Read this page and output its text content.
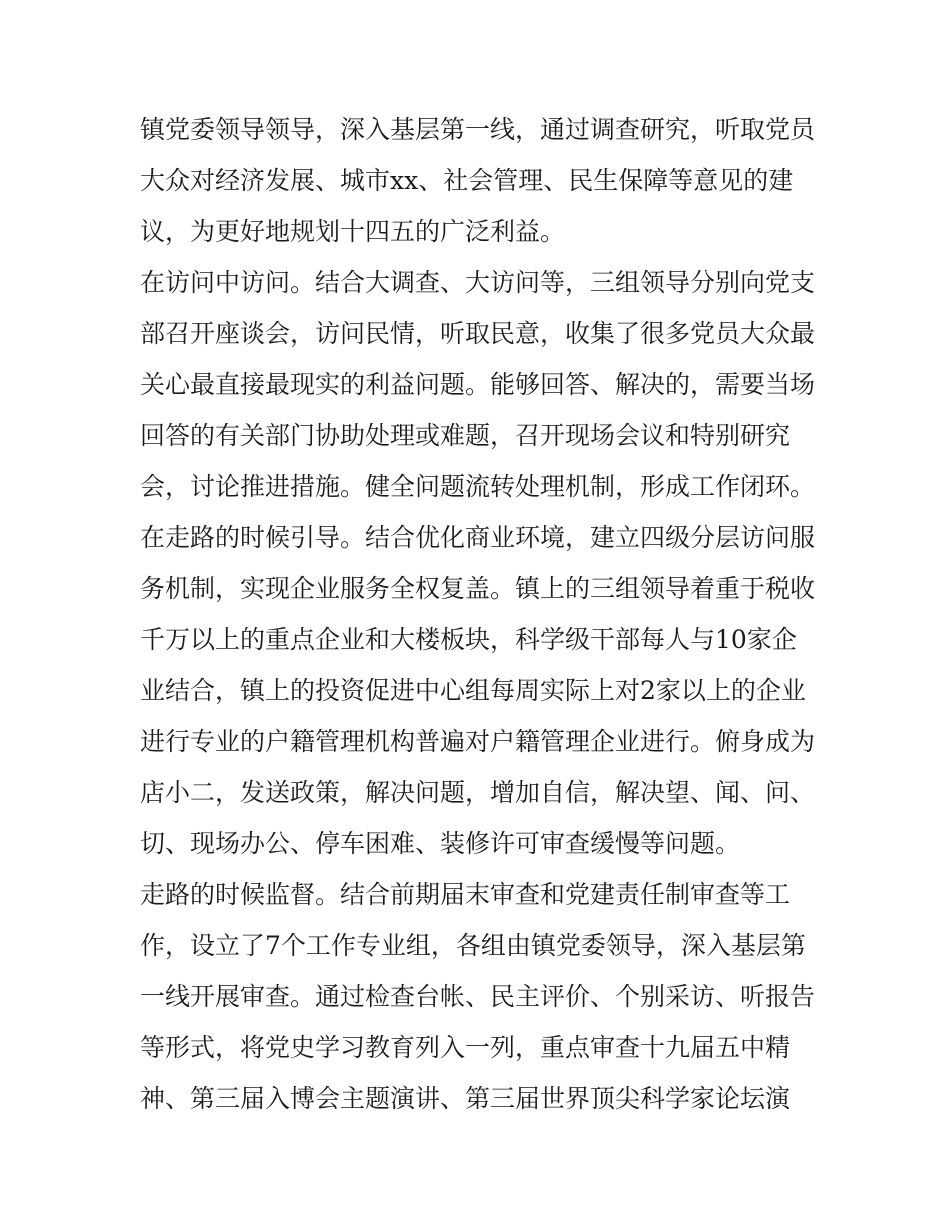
镇党委领导领导，深入基层第一线，通过调查研究，听取党员
大众对经济发展、城市xx、社会管理、民生保障等意见的建
议，为更好地规划十四五的广泛利益。
在访问中访问。结合大调查、大访问等，三组领导分别向党支
部召开座谈会，访问民情，听取民意，收集了很多党员大众最
关心最直接最现实的利益问题。能够回答、解决的，需要当场
回答的有关部门协助处理或难题，召开现场会议和特别研究
会，讨论推进措施。健全问题流转处理机制，形成工作闭环。
在走路的时候引导。结合优化商业环境，建立四级分层访问服
务机制，实现企业服务全权复盖。镇上的三组领导着重于税收
千万以上的重点企业和大楼板块，科学级干部每人与10家企
业结合，镇上的投资促进中心组每周实际上对2家以上的企业
进行专业的户籍管理机构普遍对户籍管理企业进行。俯身成为
店小二，发送政策，解决问题，增加自信，解决望、闻、问、
切、现场办公、停车困难、装修许可审查缓慢等问题。
走路的时候监督。结合前期届末审查和党建责任制审查等工
作，设立了7个工作专业组，各组由镇党委领导，深入基层第
一线开展审查。通过检查台帐、民主评价、个别采访、听报告
等形式，将党史学习教育列入一列，重点审查十九届五中精
神、第三届入博会主题演讲、第三届世界顶尖科学家论坛演
